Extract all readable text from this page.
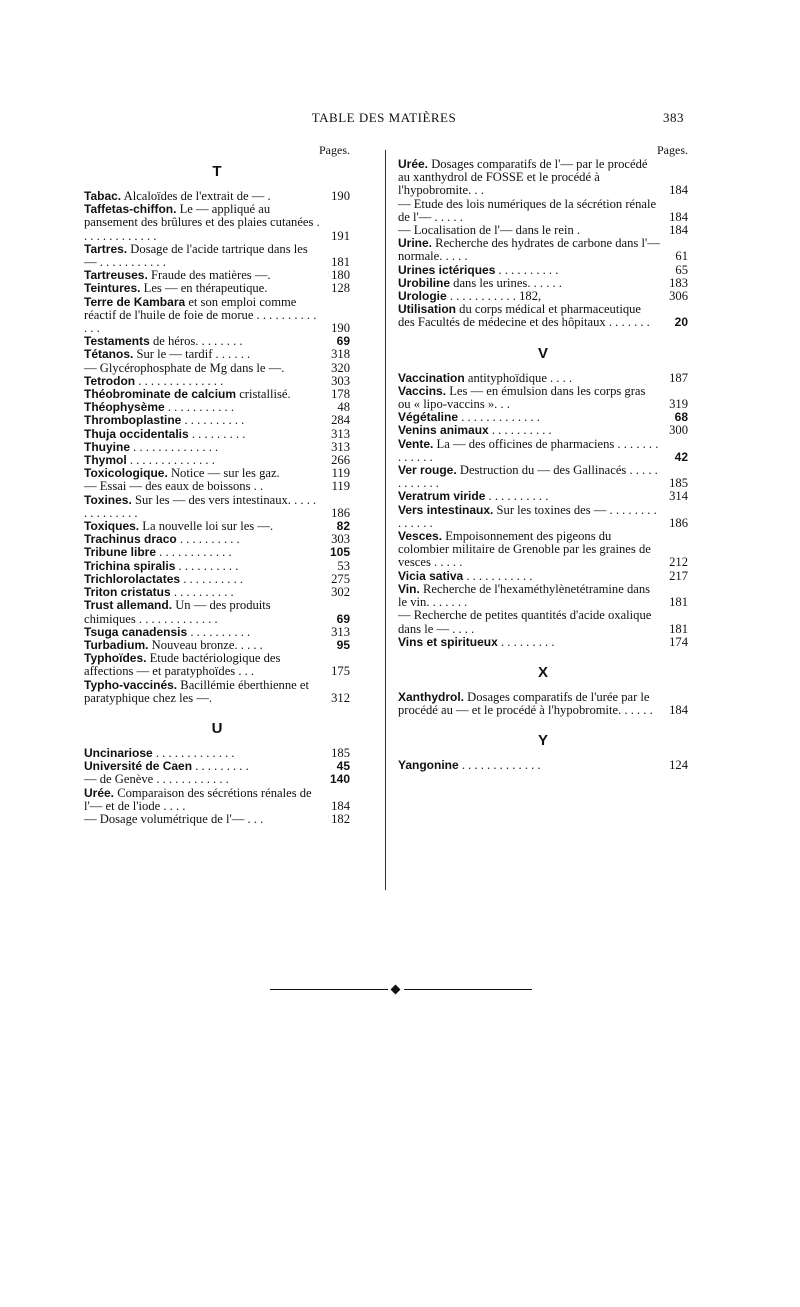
TABLE DES MATIÈRES	383
Pages.
T
Tabac. Alcaloïdes de l'extrait de — .	190
Taffetas-chiffon. Le — appliqué au pansement des brûlures et des plaies cutanées . . . . . . . . . . . . .	191
Tartres. Dosage de l'acide tartrique dans les — . . . . . . . . . . .	181
Tartreuses. Fraude des matières —.	180
Teintures. Les — en thérapeutique.	128
Terre de Kambara et son emploi comme réactif de l'huile de foie de morue . . . . . . . . . . . . .	190
Testaments de héros. . . . . . . .	69
Tétanos. Sur le — tardif . . . . . .	318
— Glycérophosphate de Mg dans le —.	320
Tetrodon . . . . . . . . . . . . . .	303
Théobrominate de calcium cristallisé.	178
Théophysème . . . . . . . . . . .	48
Thromboplastine . . . . . . . . . .	284
Thuja occidentalis . . . . . . . . .	313
Thuyine . . . . . . . . . . . . . .	313
Thymol . . . . . . . . . . . . . .	266
Toxicologique. Notice — sur les gaz.	119
— Essai — des eaux de boissons . .	119
Toxines. Sur les — des vers intestinaux. . . . . . . . . . . . . .	186
Toxiques. La nouvelle loi sur les —.	82
Trachinus draco . . . . . . . . . .	303
Tribune libre . . . . . . . . . . . .	105
Trichina spiralis . . . . . . . . . .	53
Trichlorolactates . . . . . . . . . .	275
Triton cristatus . . . . . . . . . .	302
Trust allemand. Un — des produits chimiques . . . . . . . . . . . . .	69
Tsuga canadensis . . . . . . . . . .	313
Turbadium. Nouveau bronze. . . . .	95
Typhoïdes. Etude bactériologique des affections — et paratyphoïdes . . .	175
Typho-vaccinés. Bacillémie éberthienne et paratyphique chez les —.	312
U
Uncinariose . . . . . . . . . . . . .	185
Université de Caen . . . . . . . . .	45
— de Genève . . . . . . . . . . . .	140
Urée. Comparaison des sécrétions rénales de l'— et de l'iode . . . .	184
— Dosage volumétrique de l'— . . .	182
Pages.
Urée. Dosages comparatifs de l'— par le procédé au xanthydrol de FOSSE et le procédé à l'hypobromite. . .	184
— Etude des lois numériques de la sécrétion rénale de l'— . . . . .	184
— Localisation de l'— dans le rein .	184
Urine. Recherche des hydrates de carbone dans l'— normale. . . . .	61
Urines ictériques . . . . . . . . . .	65
Urobiline dans les urines. . . . . .	183
Urologie . . . . . . . . . . . 182,	306
Utilisation du corps médical et pharmaceutique des Facultés de médecine et des hôpitaux . . . . . . . 20
V
Vaccination antityphoïdique . . . .	187
Vaccins. Les — en émulsion dans les corps gras ou « lipo-vaccins ». . .	319
Végétaline . . . . . . . . . . . . .	68
Venins animaux . . . . . . . . . .	300
Vente. La — des officines de pharmaciens . . . . . . . . . . . . .	42
Ver rouge. Destruction du — des Gallinacés . . . . . . . . . . . .	185
Veratrum viride . . . . . . . . . .	314
Vers intestinaux. Sur les toxines des — . . . . . . . . . . . . . .	186
Vesces. Empoisonnement des pigeons du colombier militaire de Grenoble par les graines de vesces . . . . .	212
Vicia sativa . . . . . . . . . . .	217
Vin. Recherche de l'hexaméthylènetétramine dans le vin. . . . . . .	181
— Recherche de petites quantités d'acide oxalique dans le — . . . .	181
Vins et spiritueux . . . . . . . . .	174
X
Xanthydrol. Dosages comparatifs de l'urée par le procédé au — et le procédé à l'hypobromite. . . . . . 184
Y
Yangonine . . . . . . . . . . . . .	124
